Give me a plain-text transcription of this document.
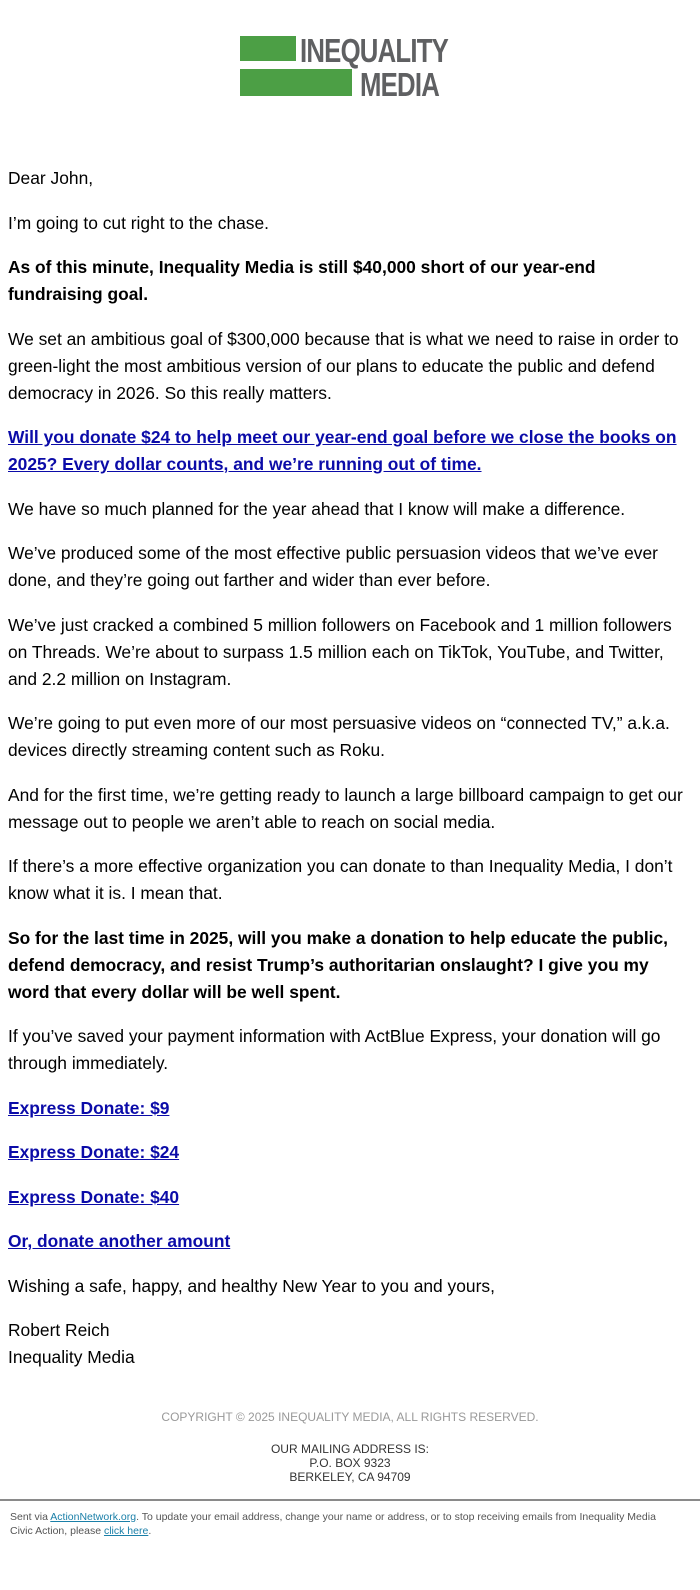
INEQUALITY
MEDIA

Dear John,

I’m going to cut right to the chase.

As of this minute, Inequality Media is still $40,000 short of our year-end fundraising goal.

We set an ambitious goal of $300,000 because that is what we need to raise in order to green-light the most ambitious version of our plans to educate the public and defend democracy in 2026. So this really matters.

Will you donate $24 to help meet our year-end goal before we close the books on 2025? Every dollar counts, and we’re running out of time.

We have so much planned for the year ahead that I know will make a difference.

We’ve produced some of the most effective public persuasion videos that we’ve ever done, and they’re going out farther and wider than ever before.

We’ve just cracked a combined 5 million followers on Facebook and 1 million followers on Threads. We’re about to surpass 1.5 million each on TikTok, YouTube, and Twitter, and 2.2 million on Instagram.

We’re going to put even more of our most persuasive videos on “connected TV,” a.k.a. devices directly streaming content such as Roku.

And for the first time, we’re getting ready to launch a large billboard campaign to get our message out to people we aren’t able to reach on social media.

If there’s a more effective organization you can donate to than Inequality Media, I don’t know what it is. I mean that.

So for the last time in 2025, will you make a donation to help educate the public, defend democracy, and resist Trump’s authoritarian onslaught? I give you my word that every dollar will be well spent.

If you’ve saved your payment information with ActBlue Express, your donation will go through immediately.

Express Donate: $9

Express Donate: $24

Express Donate: $40

Or, donate another amount

Wishing a safe, happy, and healthy New Year to you and yours,

Robert Reich
Inequality Media

COPYRIGHT © 2025 INEQUALITY MEDIA, ALL RIGHTS RESERVED.
OUR MAILING ADDRESS IS:
P.O. BOX 9323
BERKELEY, CA 94709
Sent via ActionNetwork.org. To update your email address, change your name or address, or to stop receiving emails from Inequality Media Civic Action, please click here.
